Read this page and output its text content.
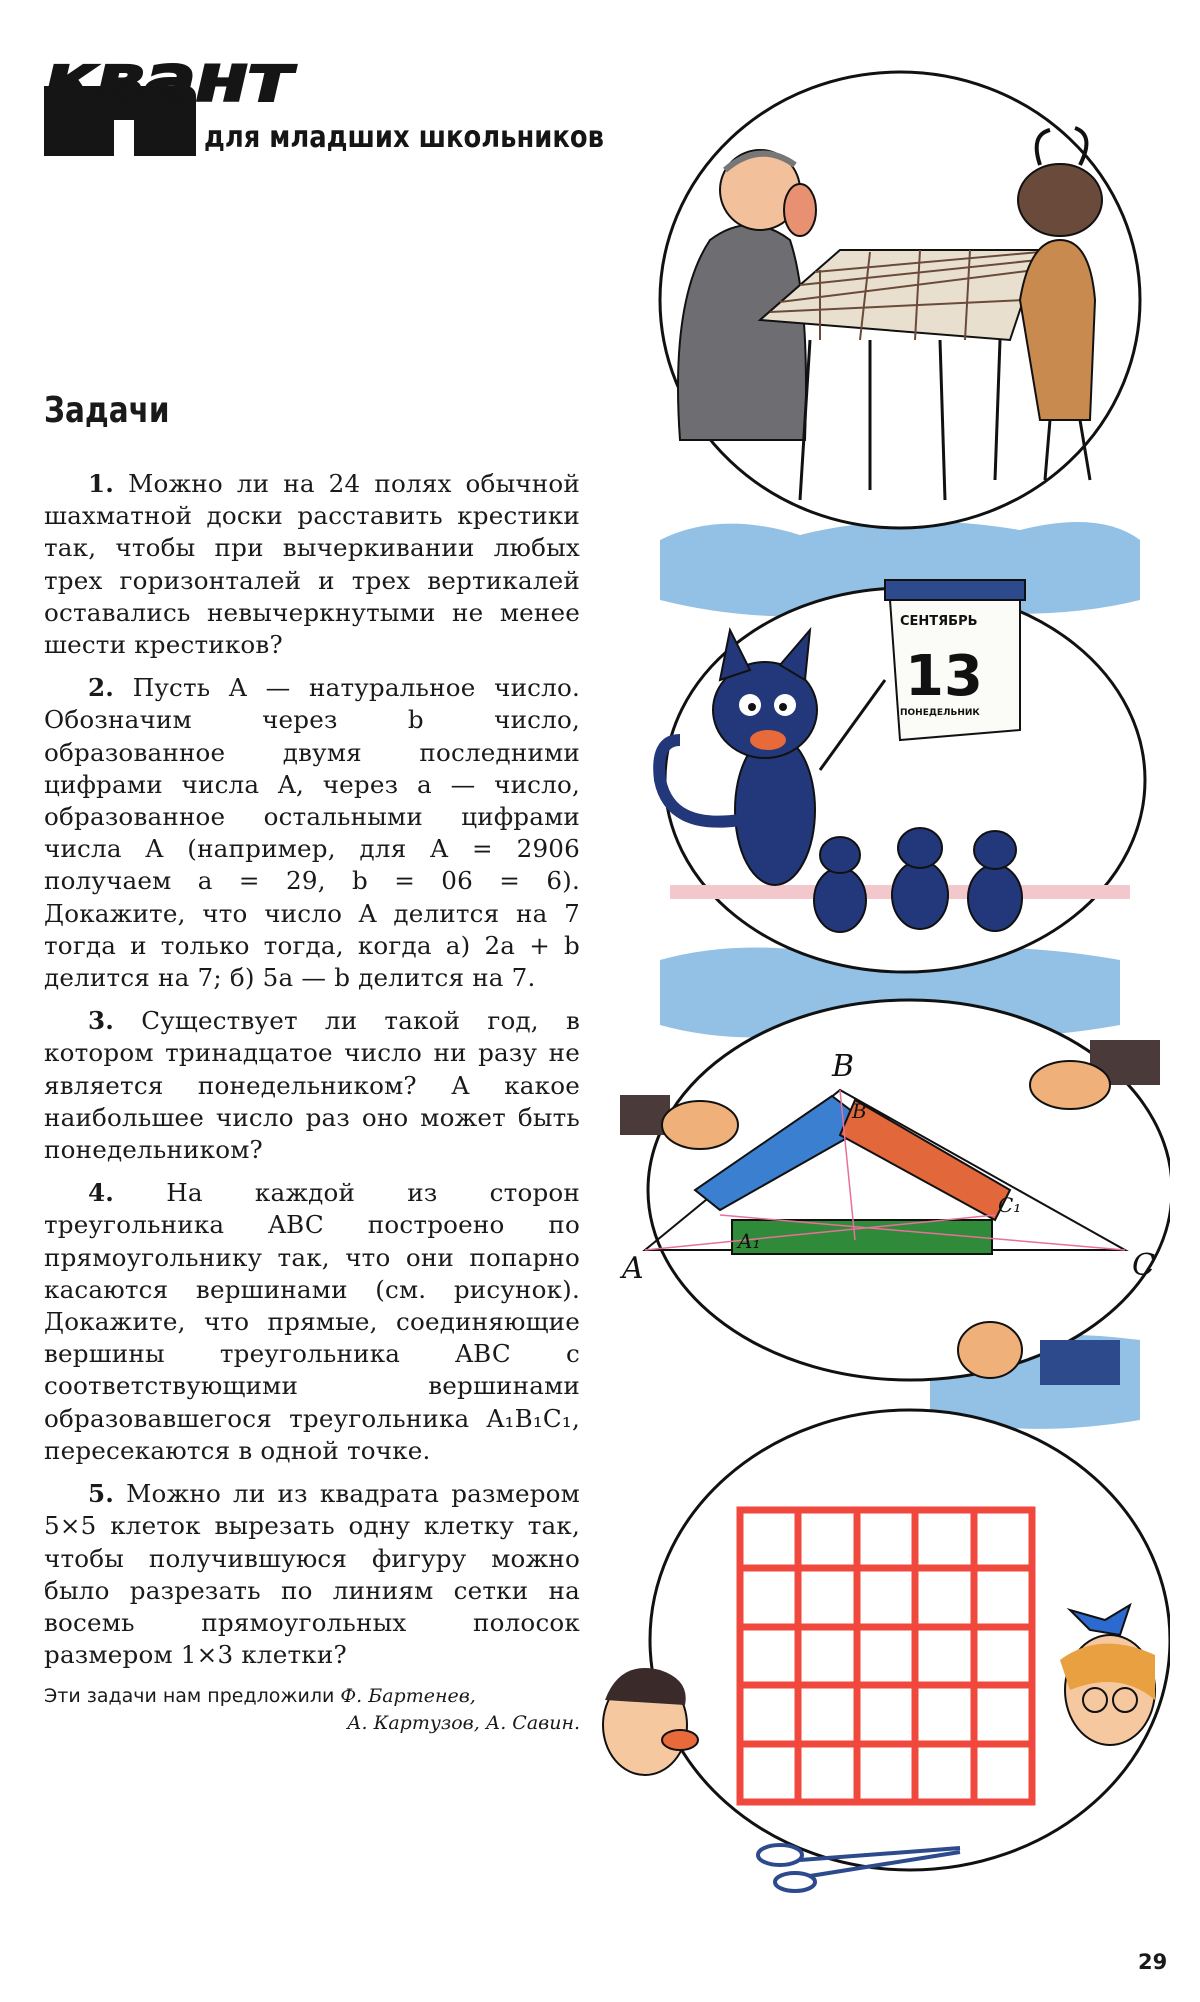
квант
для младших школьников
Задачи

1. Можно ли на 24 полях обычной шахматной доски расставить крестики так, чтобы при вычеркивании любых трех горизонталей и трех вертикалей оставались невычеркнутыми не менее шести крестиков?

2. Пусть A — натуральное число. Обозначим через b число, образованное двумя последними цифрами числа A, через a — число, образованное остальными цифрами числа A (например, для A = 2906 получаем a = 29, b = 06 = 6). Докажите, что число A делится на 7 тогда и только тогда, когда а) 2a + b делится на 7; б) 5a — b делится на 7.

3. Существует ли такой год, в котором тринадцатое число ни разу не является понедельником? А какое наибольшее число раз оно может быть понедельником?

4. На каждой из сторон треугольника ABC построено по прямоугольнику так, что они попарно касаются вершинами (см. рисунок). Докажите, что прямые, соединяющие вершины треугольника ABC с соответствующими вершинами образовавшегося треугольника A₁B₁C₁, пересекаются в одной точке.

5. Можно ли из квадрата размером 5×5 клеток вырезать одну клетку так, чтобы получившуюся фигуру можно было разрезать по линиям сетки на восемь прямоугольных полосок размером 1×3 клетки?

Эти задачи нам предложили Ф. Бартенев,
А. Картузов, А. Савин.
СЕНТЯБРЬ
13
ПОНЕДЕЛЬНИК
A
B
C
A₁
B
C₁
29
